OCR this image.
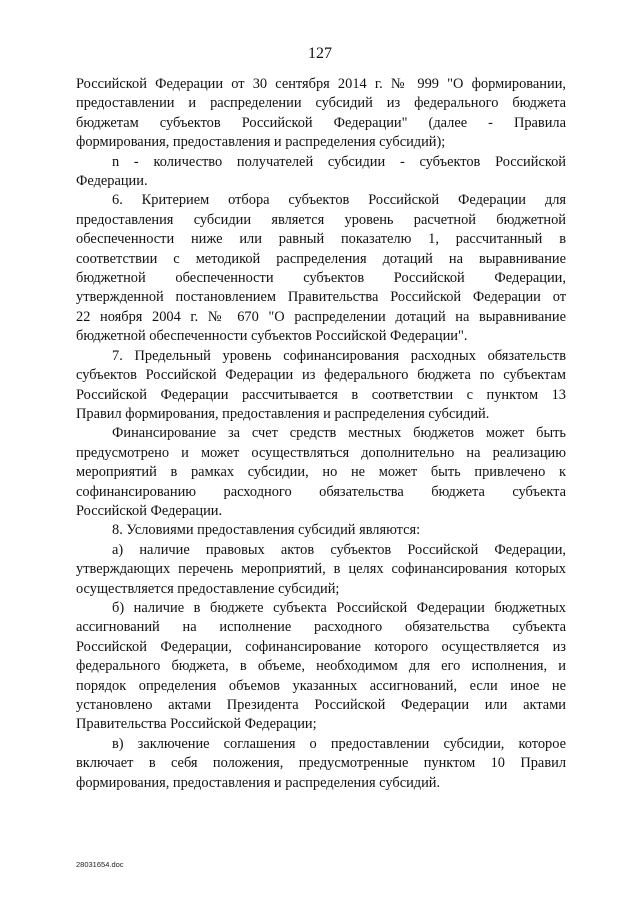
127
Российской Федерации от 30 сентября 2014 г. № 999 "О формировании,
предоставлении и распределении субсидий из федерального бюджета
бюджетам субъектов Российской Федерации" (далее - Правила
формирования, предоставления и распределения субсидий);
n - количество получателей субсидии - субъектов Российской
Федерации.
6. Критерием отбора субъектов Российской Федерации для
предоставления субсидии является уровень расчетной бюджетной
обеспеченности ниже или равный показателю 1, рассчитанный в
соответствии с методикой распределения дотаций на выравнивание
бюджетной обеспеченности субъектов Российской Федерации,
утвержденной постановлением Правительства Российской Федерации от
22 ноября 2004 г. № 670 "О распределении дотаций на выравнивание
бюджетной обеспеченности субъектов Российской Федерации".
7. Предельный уровень софинансирования расходных обязательств
субъектов Российской Федерации из федерального бюджета по субъектам
Российской Федерации рассчитывается в соответствии с пунктом 13
Правил формирования, предоставления и распределения субсидий.
Финансирование за счет средств местных бюджетов может быть
предусмотрено и может осуществляться дополнительно на реализацию
мероприятий в рамках субсидии, но не может быть привлечено к
софинансированию расходного обязательства бюджета субъекта
Российской Федерации.
8. Условиями предоставления субсидий являются:
а) наличие правовых актов субъектов Российской Федерации,
утверждающих перечень мероприятий, в целях софинансирования которых
осуществляется предоставление субсидий;
б) наличие в бюджете субъекта Российской Федерации бюджетных
ассигнований на исполнение расходного обязательства субъекта
Российской Федерации, софинансирование которого осуществляется из
федерального бюджета, в объеме, необходимом для его исполнения, и
порядок определения объемов указанных ассигнований, если иное не
установлено актами Президента Российской Федерации или актами
Правительства Российской Федерации;
в) заключение соглашения о предоставлении субсидии, которое
включает в себя положения, предусмотренные пунктом 10 Правил
формирования, предоставления и распределения субсидий.
28031654.doc
